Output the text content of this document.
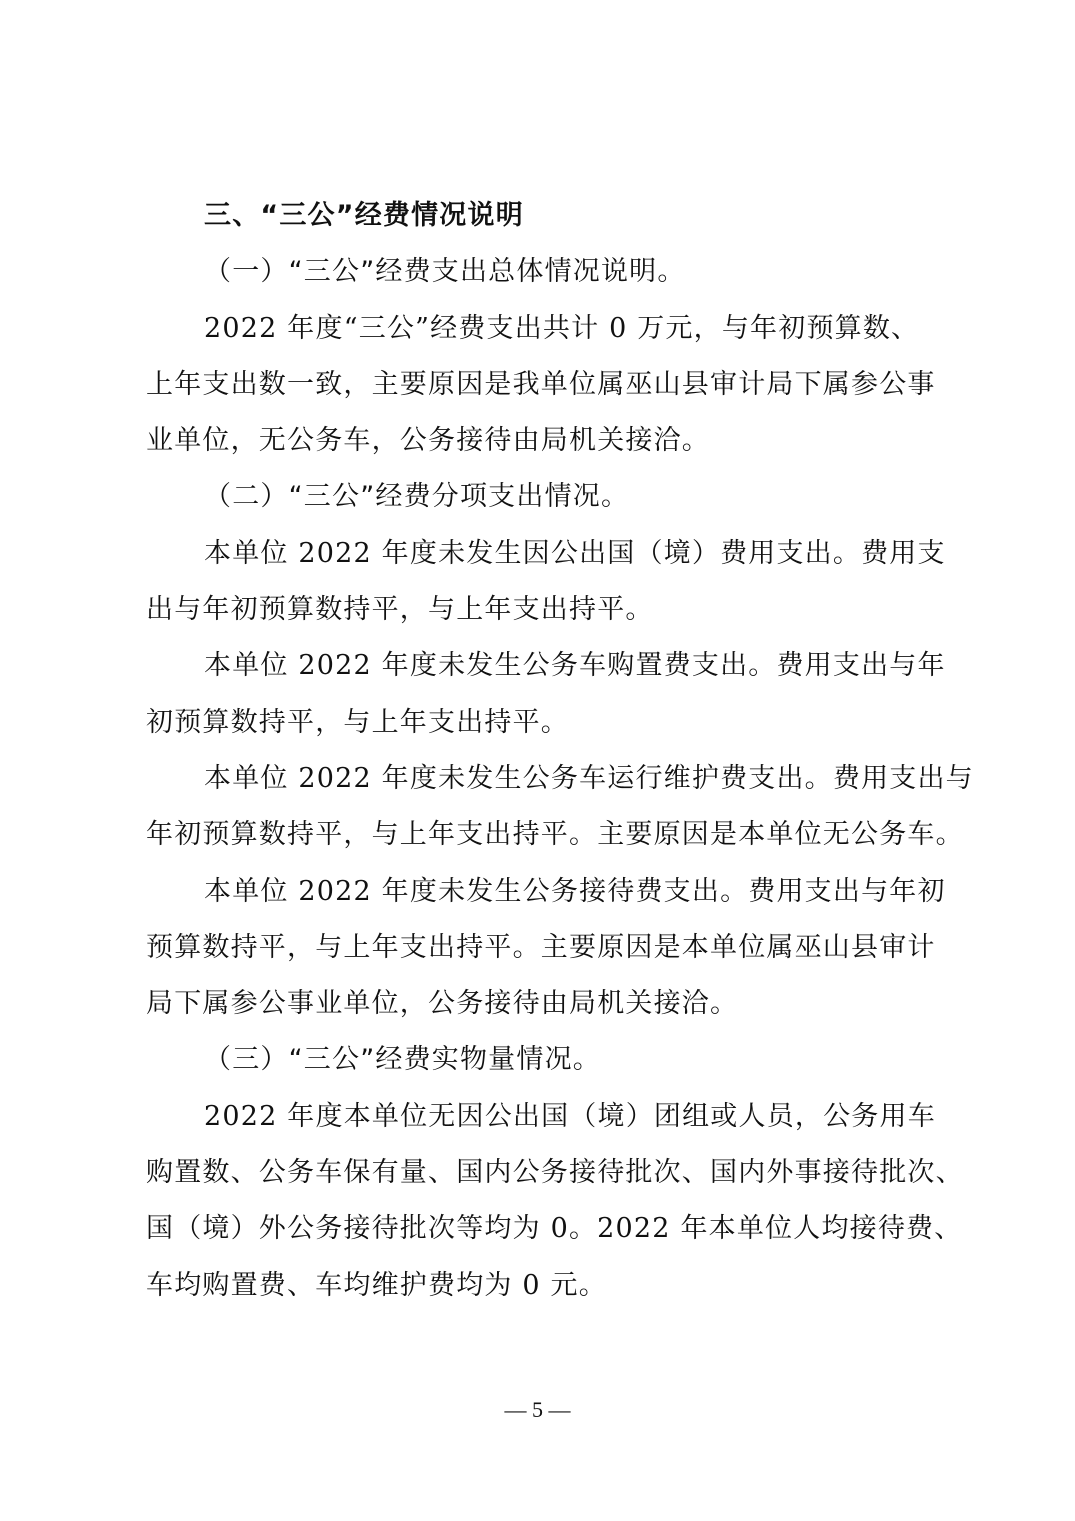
三、“三公”经费情况说明
（一）“三公”经费支出总体情况说明。
2022 年度“三公”经费支出共计 0 万元，与年初预算数、
上年支出数一致，主要原因是我单位属巫山县审计局下属参公事
业单位，无公务车，公务接待由局机关接洽。
（二）“三公”经费分项支出情况。
本单位 2022 年度未发生因公出国（境）费用支出。费用支
出与年初预算数持平，与上年支出持平。
本单位 2022 年度未发生公务车购置费支出。费用支出与年
初预算数持平，与上年支出持平。
本单位 2022 年度未发生公务车运行维护费支出。费用支出与
年初预算数持平，与上年支出持平。主要原因是本单位无公务车。
本单位 2022 年度未发生公务接待费支出。费用支出与年初
预算数持平，与上年支出持平。主要原因是本单位属巫山县审计
局下属参公事业单位，公务接待由局机关接洽。
（三）“三公”经费实物量情况。
2022 年度本单位无因公出国（境）团组或人员，公务用车
购置数、公务车保有量、国内公务接待批次、国内外事接待批次、
国（境）外公务接待批次等均为 0。2022 年本单位人均接待费、
车均购置费、车均维护费均为 0 元。
— 5 —
